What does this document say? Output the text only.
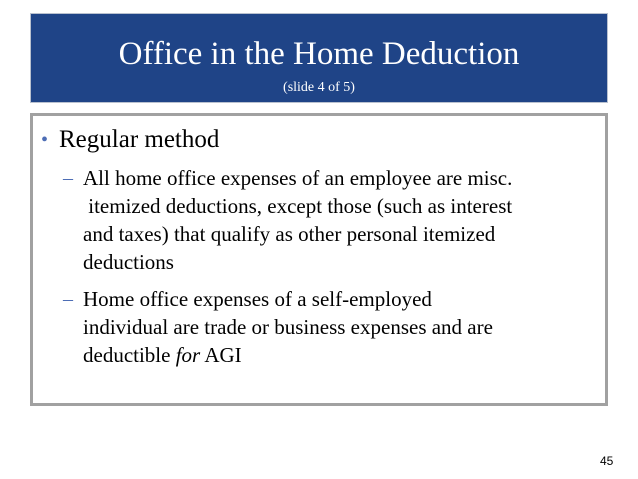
Office in the Home Deduction
(slide 4 of 5)
• Regular method
– All home office expenses of an employee are misc.
itemized deductions, except those (such as interest
and taxes) that qualify as other personal itemized
deductions
– Home office expenses of a self-employed
individual are trade or business expenses and are
deductible for AGI
45
